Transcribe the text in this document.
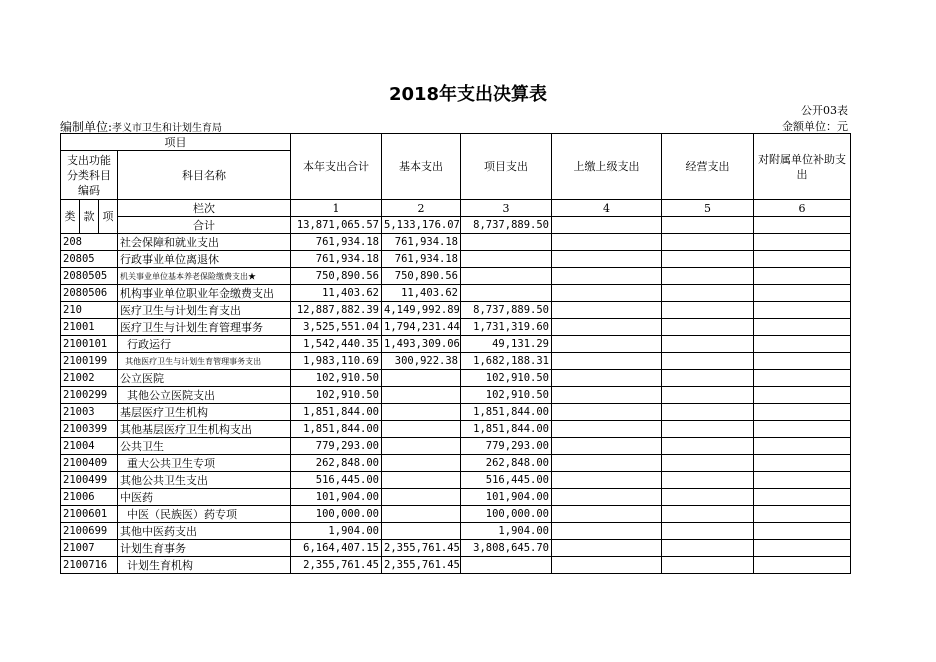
2018年支出决算表
公开03表
编制单位:孝义市卫生和计划生育局	金额单位：元
项目				本年支出合计	基本支出	项目支出	上缴上级支出	经营支出	对附属单位补助支出
支出功能分类科目编码			科目名称						

类	款	项	栏次	1	2	3	4	5	6
			合计	13,871,065.57	5,133,176.07	8,737,889.50			
208			社会保障和就业支出	761,934.18	761,934.18				
20805			行政事业单位离退休	761,934.18	761,934.18				
2080505			机关事业单位基本养老保险缴费支出★	750,890.56	750,890.56				
2080506			机构事业单位职业年金缴费支出	11,403.62	11,403.62				
210			医疗卫生与计划生育支出	12,887,882.39	4,149,992.89	8,737,889.50			
21001			医疗卫生与计划生育管理事务	3,525,551.04	1,794,231.44	1,731,319.60			
2100101			行政运行	1,542,440.35	1,493,309.06	49,131.29			
2100199			其他医疗卫生与计划生育管理事务支出	1,983,110.69	300,922.38	1,682,188.31			
21002			公立医院	102,910.50		102,910.50			
2100299			其他公立医院支出	102,910.50		102,910.50			
21003			基层医疗卫生机构	1,851,844.00		1,851,844.00			
2100399			其他基层医疗卫生机构支出	1,851,844.00		1,851,844.00			
21004			公共卫生	779,293.00		779,293.00			
2100409			重大公共卫生专项	262,848.00		262,848.00			
2100499			其他公共卫生支出	516,445.00		516,445.00			
21006			中医药	101,904.00		101,904.00			
2100601			中医（民族医）药专项	100,000.00		100,000.00			
2100699			其他中医药支出	1,904.00		1,904.00			
21007			计划生育事务	6,164,407.15	2,355,761.45	3,808,645.70			
2100716			计划生育机构	2,355,761.45	2,355,761.45				
